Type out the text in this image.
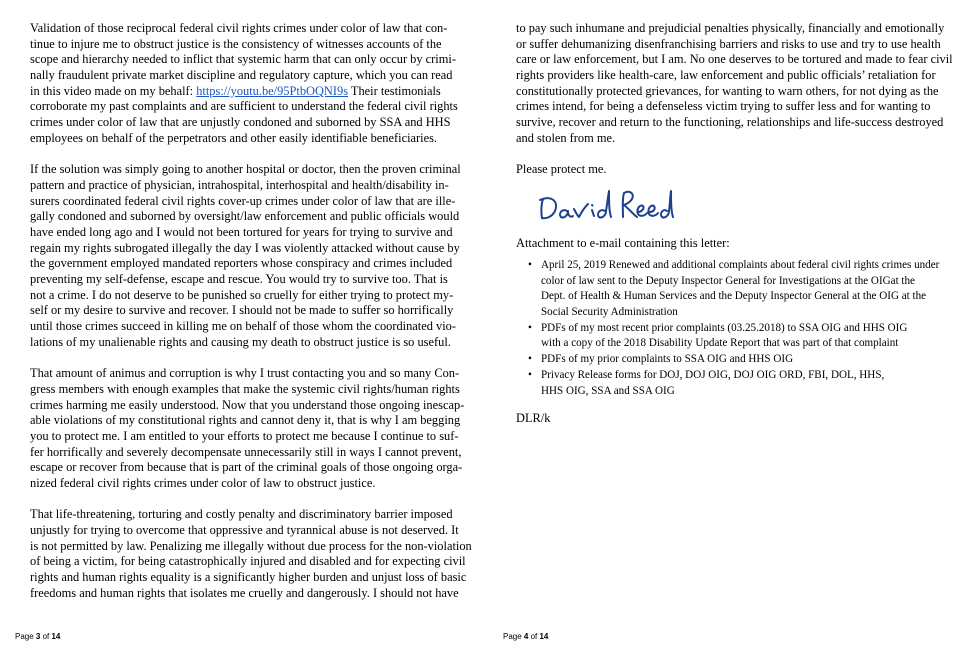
Validation of those reciprocal federal civil rights crimes under color of law that con-
tinue to injure me to obstruct justice is the consistency of witnesses accounts of the
scope and hierarchy needed to inflict that systemic harm that can only occur by crimi-
nally fraudulent private market discipline and regulatory capture, which you can read
in this video made on my behalf: https://youtu.be/95PtbOQNI9s Their testimonials
corroborate my past complaints and are sufficient to understand the federal civil rights
crimes under color of law that are unjustly condoned and suborned by SSA and HHS
employees on behalf of the perpetrators and other easily identifiable beneficiaries.
If the solution was simply going to another hospital or doctor, then the proven criminal
pattern and practice of physician, intrahospital, interhospital and health/disability in-
surers coordinated federal civil rights cover-up crimes under color of law that are ille-
gally condoned and suborned by oversight/law enforcement and public officials would
have ended long ago and I would not been tortured for years for trying to survive and
regain my rights subrogated illegally the day I was violently attacked without cause by
the government employed mandated reporters whose conspiracy and crimes included
preventing my self-defense, escape and rescue. You would try to survive too. That is
not a crime. I do not deserve to be punished so cruelly for either trying to protect my-
self or my desire to survive and recover. I should not be made to suffer so horrifically
until those crimes succeed in killing me on behalf of those whom the coordinated vio-
lations of my unalienable rights and causing my death to obstruct justice is so useful.
That amount of animus and corruption is why I trust contacting you and so many Con-
gress members with enough examples that make the systemic civil rights/human rights
crimes harming me easily understood. Now that you understand those ongoing inescap-
able violations of my constitutional rights and cannot deny it, that is why I am begging
you to protect me. I am entitled to your efforts to protect me because I continue to suf-
fer horrifically and severely decompensate unnecessarily still in ways I cannot prevent,
escape or recover from because that is part of the criminal goals of those ongoing orga-
nized federal civil rights crimes under color of law to obstruct justice.
That life-threatening, torturing and costly penalty and discriminatory barrier imposed
unjustly for trying to overcome that oppressive and tyrannical abuse is not deserved. It
is not permitted by law. Penalizing me illegally without due process for the non-violation
of being a victim, for being catastrophically injured and disabled and for expecting civil
rights and human rights equality is a significantly higher burden and unjust loss of basic
freedoms and human rights that isolates me cruelly and dangerously. I should not have
Page 3 of 14
to pay such inhumane and prejudicial penalties physically, financially and emotionally
or suffer dehumanizing disenfranchising barriers and risks to use and try to use health
care or law enforcement, but I am. No one deserves to be tortured and made to fear civil
rights providers like health-care, law enforcement and public officials’ retaliation for
constitutionally protected grievances, for wanting to warn others, for not dying as the
crimes intend, for being a defenseless victim trying to suffer less and for wanting to
survive, recover and return to the functioning, relationships and life-success destroyed
and stolen from me.
Please protect me.
Attachment to e-mail containing this letter:
• April 25, 2019 Renewed and additional complaints about federal civil rights crimes under
color of law sent to the Deputy Inspector General for Investigations at the OIGat the
Dept. of Health & Human Services and the Deputy Inspector General at the OIG at the
Social Security Administration
• PDFs of my most recent prior complaints (03.25.2018) to SSA OIG and HHS OIG
with a copy of the 2018 Disability Update Report that was part of that complaint
• PDFs of my prior complaints to SSA OIG and HHS OIG
• Privacy Release forms for DOJ, DOJ OIG, DOJ OIG ORD, FBI, DOL, HHS,
HHS OIG, SSA and SSA OIG
DLR/k
Page 4 of 14
